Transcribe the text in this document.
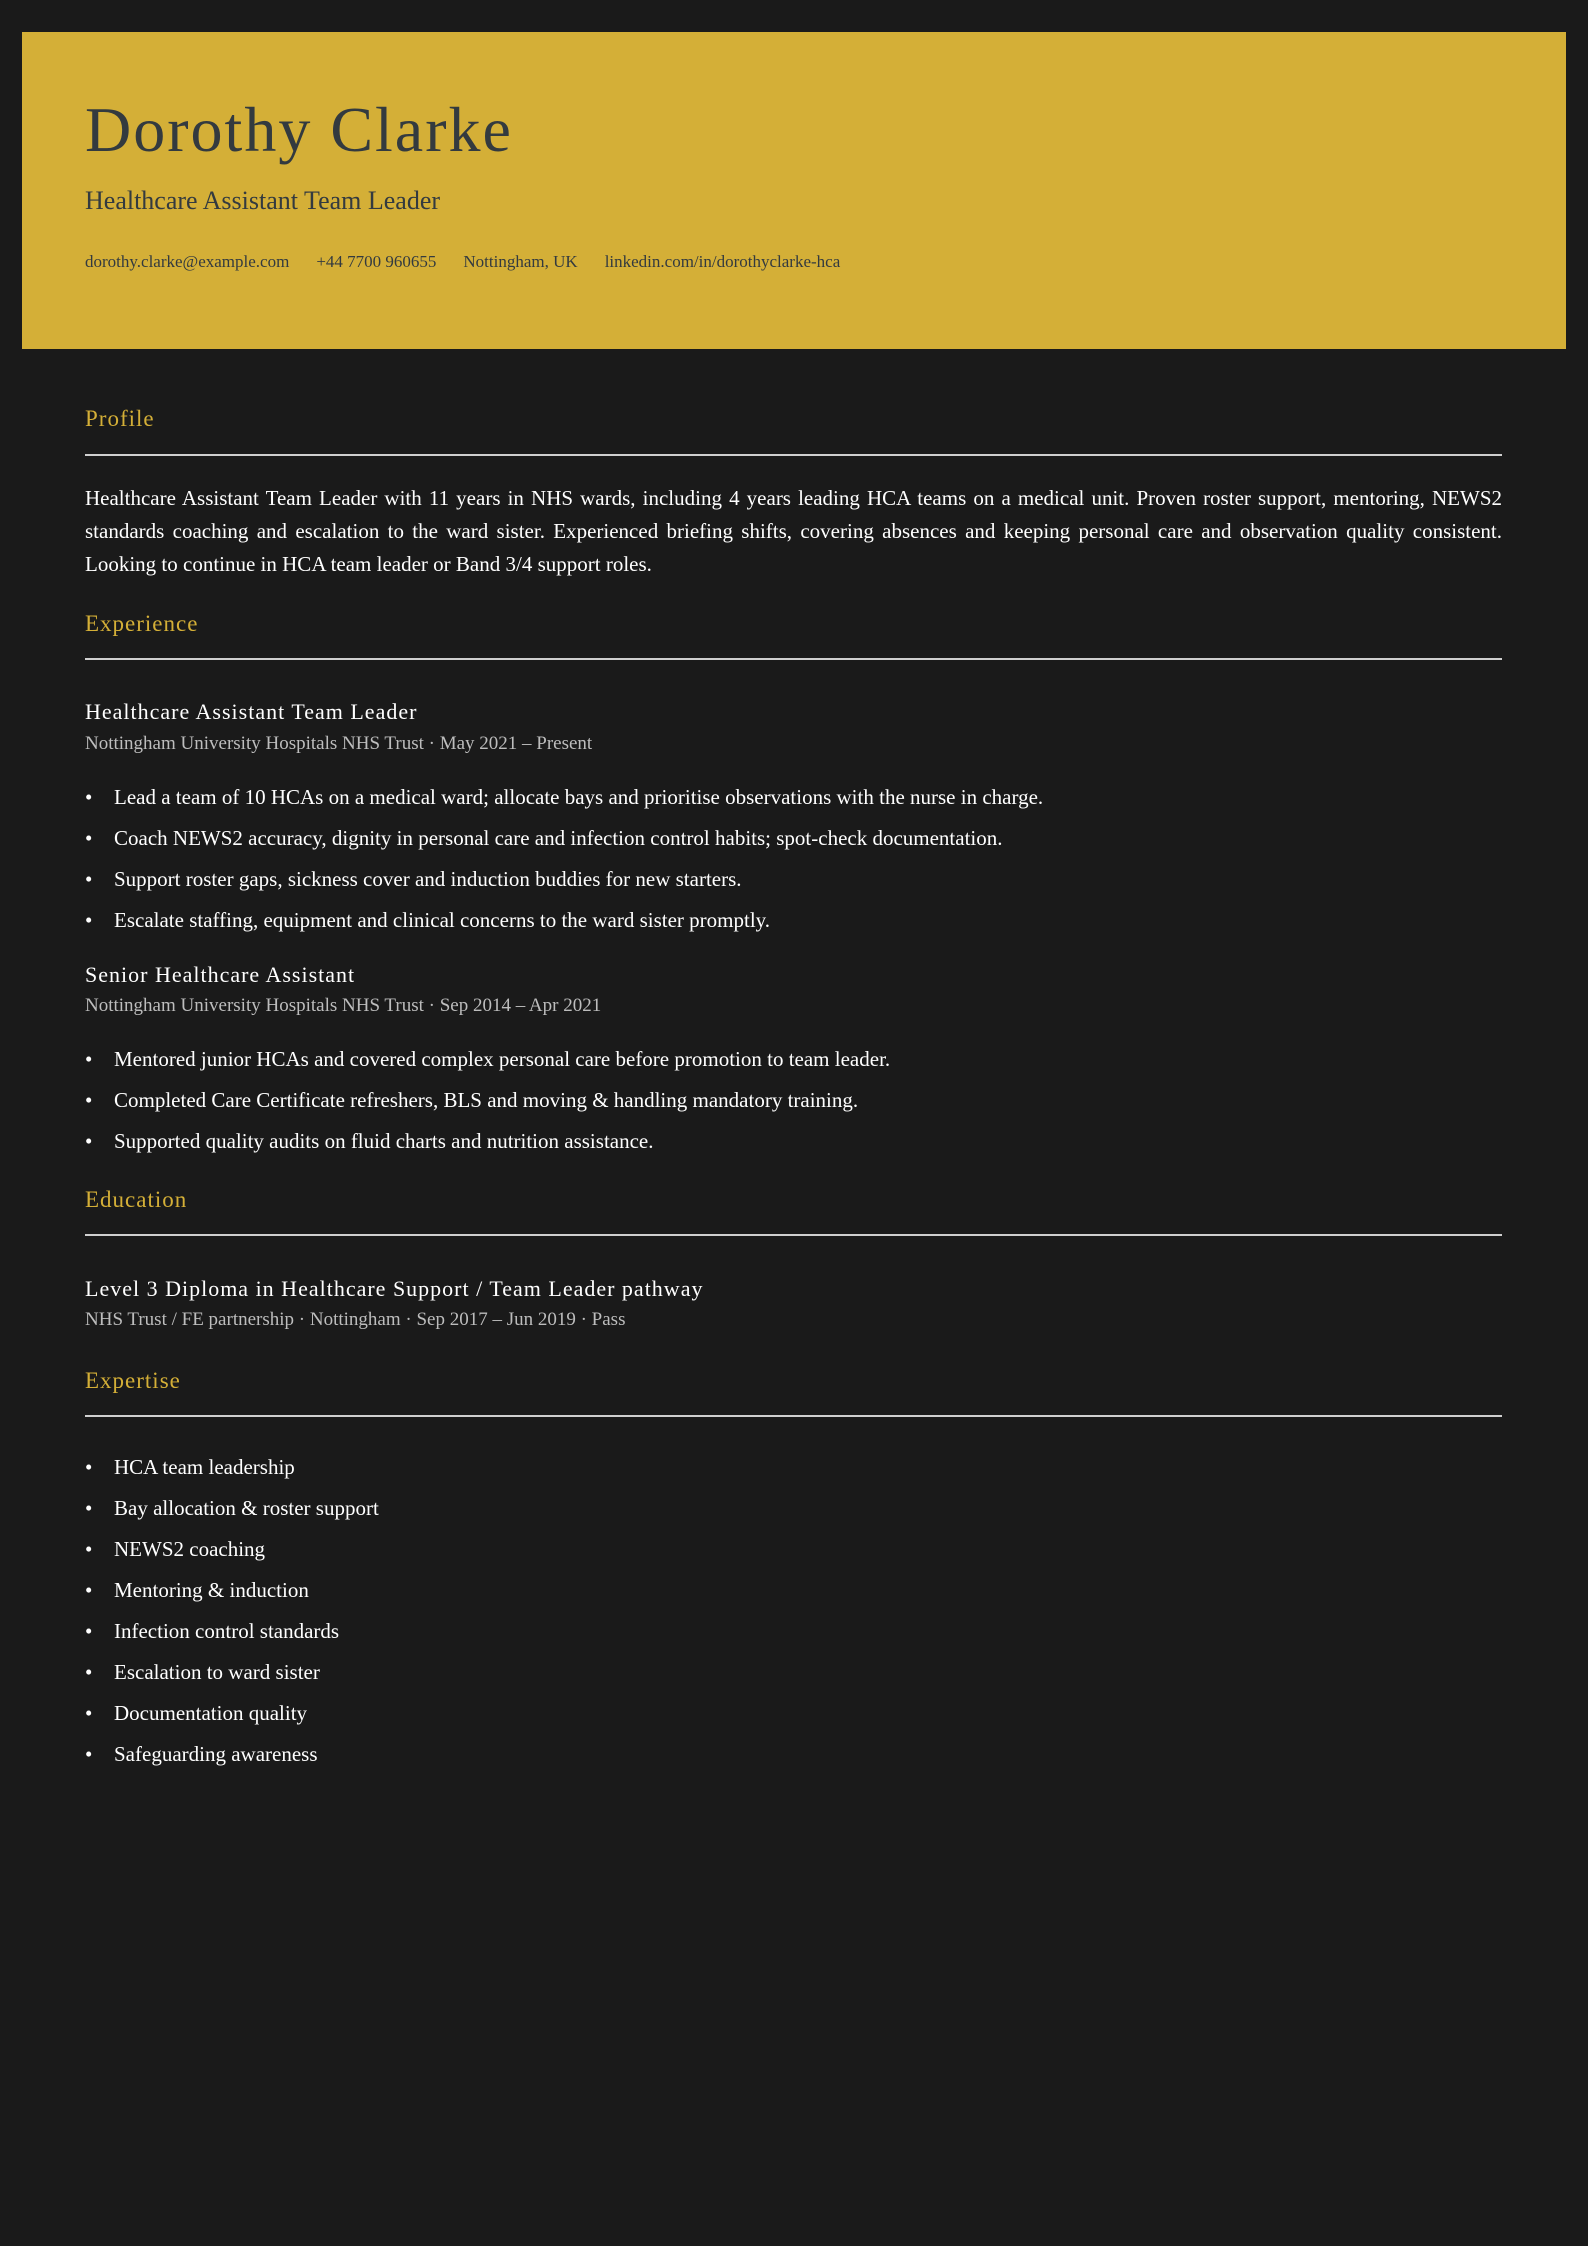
Dorothy Clarke
Healthcare Assistant Team Leader
dorothy.clarke@example.com +44 7700 960655 Nottingham, UK linkedin.com/in/dorothyclarke-hca
Profile
Healthcare Assistant Team Leader with 11 years in NHS wards, including 4 years leading HCA teams on a medical unit. Proven roster support, mentoring, NEWS2 standards coaching and escalation to the ward sister. Experienced briefing shifts, covering absences and keeping personal care and observation quality consistent. Looking to continue in HCA team leader or Band 3/4 support roles.
Experience
Healthcare Assistant Team Leader
Nottingham University Hospitals NHS Trust · May 2021 – Present
• Lead a team of 10 HCAs on a medical ward; allocate bays and prioritise observations with the nurse in charge.
• Coach NEWS2 accuracy, dignity in personal care and infection control habits; spot-check documentation.
• Support roster gaps, sickness cover and induction buddies for new starters.
• Escalate staffing, equipment and clinical concerns to the ward sister promptly.
Senior Healthcare Assistant
Nottingham University Hospitals NHS Trust · Sep 2014 – Apr 2021
• Mentored junior HCAs and covered complex personal care before promotion to team leader.
• Completed Care Certificate refreshers, BLS and moving & handling mandatory training.
• Supported quality audits on fluid charts and nutrition assistance.
Education
Level 3 Diploma in Healthcare Support / Team Leader pathway
NHS Trust / FE partnership · Nottingham · Sep 2017 – Jun 2019 · Pass
Expertise
• HCA team leadership
• Bay allocation & roster support
• NEWS2 coaching
• Mentoring & induction
• Infection control standards
• Escalation to ward sister
• Documentation quality
• Safeguarding awareness
